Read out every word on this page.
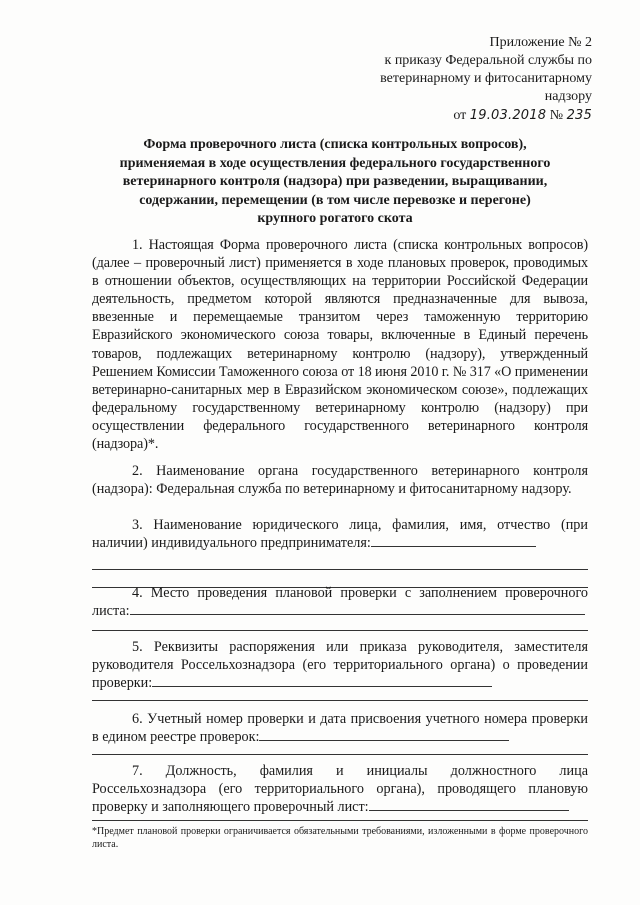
Приложение № 2
к приказу Федеральной службы по
ветеринарному и фитосанитарному
надзору
от 19.03.2018 № 235
Форма проверочного листа (списка контрольных вопросов),
применяемая в ходе осуществления федерального государственного
ветеринарного контроля (надзора) при разведении, выращивании,
содержании, перемещении (в том числе перевозке и перегоне)
крупного рогатого скота

1. Настоящая Форма проверочного листа (списка контрольных вопросов) (далее – проверочный лист) применяется в ходе плановых проверок, проводимых в отношении объектов, осуществляющих на территории Российской Федерации деятельность, предметом которой являются предназначенные для вывоза, ввезенные и перемещаемые транзитом через таможенную территорию Евразийского экономического союза товары, включенные в Единый перечень товаров, подлежащих ветеринарному контролю (надзору), утвержденный Решением Комиссии Таможенного союза от 18 июня 2010 г. № 317 «О применении ветеринарно-санитарных мер в Евразийском экономическом союзе», подлежащих федеральному государственному ветеринарному контролю (надзору) при осуществлении федерального государственного ветеринарного контроля (надзора)*.

2. Наименование органа государственного ветеринарного контроля (надзора): Федеральная служба по ветеринарному и фитосанитарному надзору.

3. Наименование юридического лица, фамилия, имя, отчество (при наличии) индивидуального предпринимателя:

4. Место проведения плановой проверки с заполнением проверочного листа:

5. Реквизиты распоряжения или приказа руководителя, заместителя руководителя Россельхознадзора (его территориального органа) о проведении проверки:

6. Учетный номер проверки и дата присвоения учетного номера проверки в едином реестре проверок:

7. Должность, фамилия и инициалы должностного лица Россельхознадзора (его территориального органа), проводящего плановую проверку и заполняющего проверочный лист:

*Предмет плановой проверки ограничивается обязательными требованиями, изложенными в форме проверочного листа.
